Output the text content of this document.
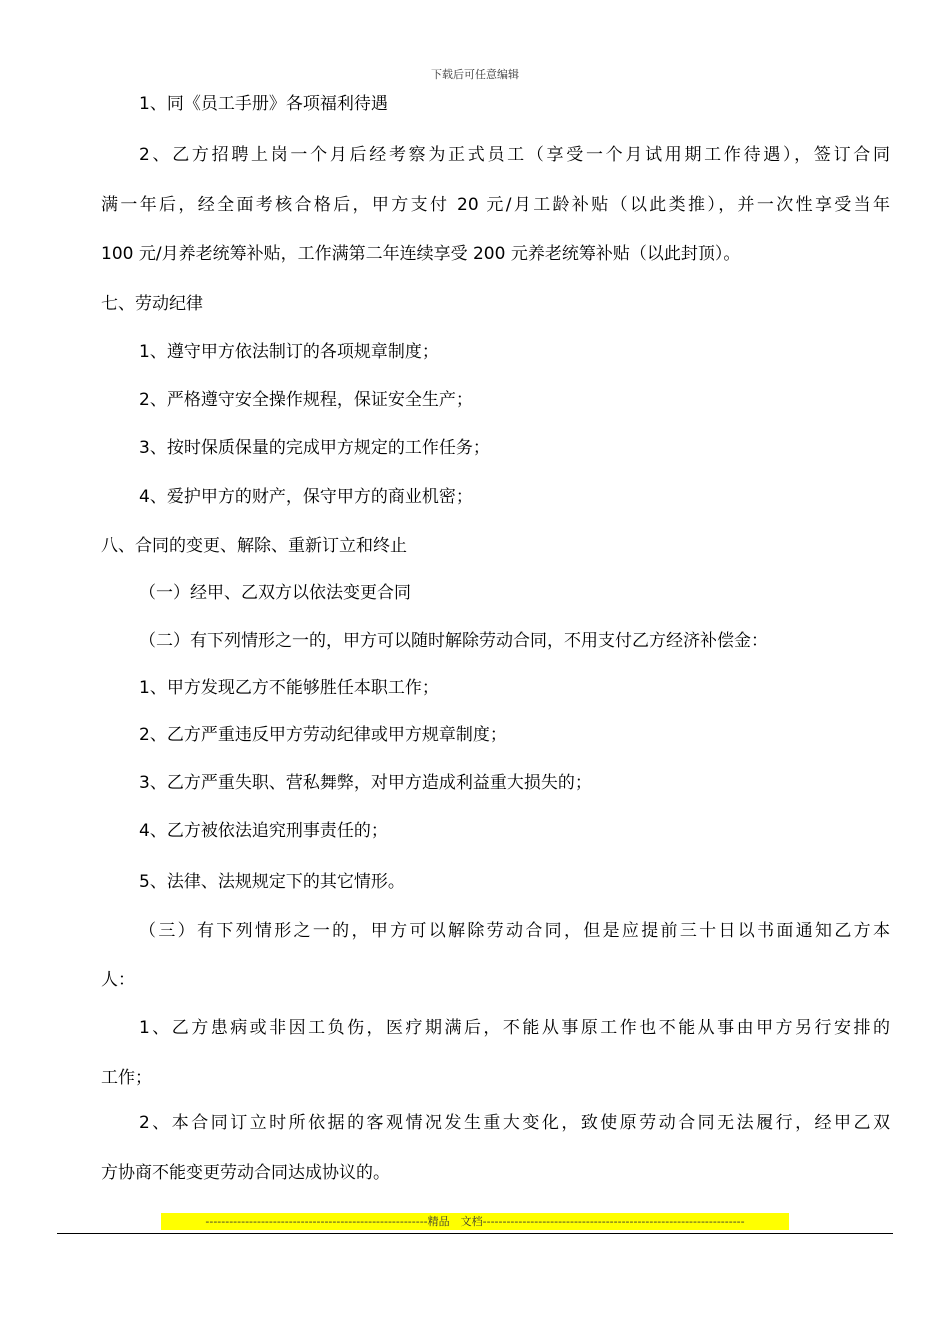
下载后可任意编辑
1、同《员工手册》各项福利待遇
2、乙方招聘上岗一个月后经考察为正式员工（享受一个月试用期工作待遇），签订合同
满一年后，经全面考核合格后，甲方支付 20 元/月工龄补贴（以此类推），并一次性享受当年
100 元/月养老统筹补贴，工作满第二年连续享受 200 元养老统筹补贴（以此封顶）。
七、劳动纪律
1、遵守甲方依法制订的各项规章制度；
2、严格遵守安全操作规程，保证安全生产；
3、按时保质保量的完成甲方规定的工作任务；
4、爱护甲方的财产，保守甲方的商业机密；
八、合同的变更、解除、重新订立和终止
（一）经甲、乙双方以依法变更合同
（二）有下列情形之一的，甲方可以随时解除劳动合同，不用支付乙方经济补偿金：
1、甲方发现乙方不能够胜任本职工作；
2、乙方严重违反甲方劳动纪律或甲方规章制度；
3、乙方严重失职、营私舞弊，对甲方造成利益重大损失的；
4、乙方被依法追究刑事责任的；
5、法律、法规规定下的其它情形。
（三）有下列情形之一的，甲方可以解除劳动合同，但是应提前三十日以书面通知乙方本
人：
1、乙方患病或非因工负伤，医疗期满后，不能从事原工作也不能从事由甲方另行安排的
工作；
2、本合同订立时所依据的客观情况发生重大变化，致使原劳动合同无法履行，经甲乙双
方协商不能变更劳动合同达成协议的。
--------------------------------------------------------精品　文档------------------------------------------------------------------
